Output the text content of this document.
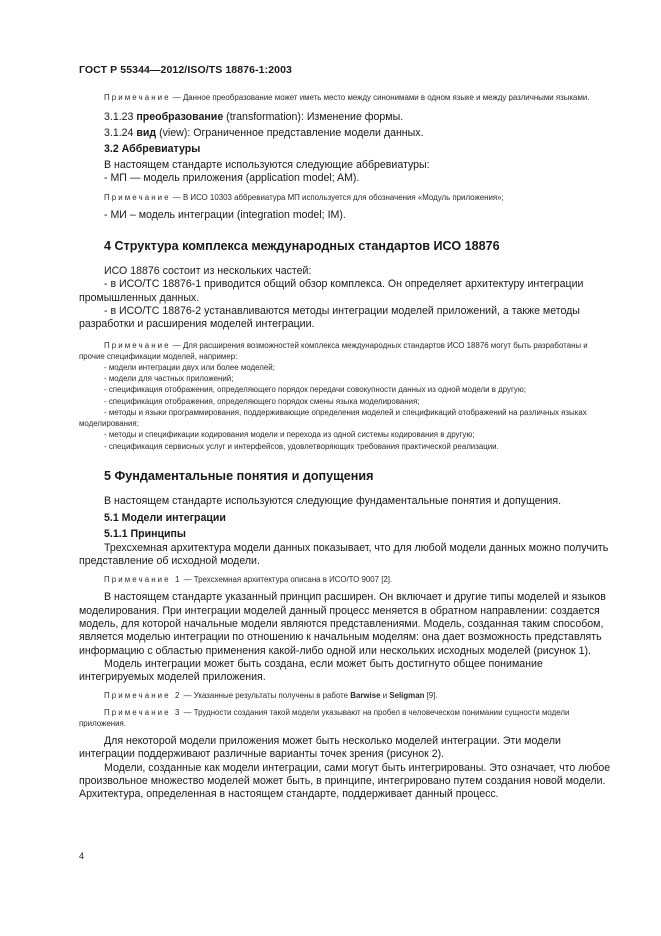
ГОСТ Р 55344—2012/ISO/TS 18876-1:2003

Примечание — Данное преобразование может иметь место между синонимами в одном языке и между различными языками.

3.1.23 преобразование (transformation): Изменение формы.

3.1.24 вид (view): Ограниченное представление модели данных.

3.2 Аббревиатуры

В настоящем стандарте используются следующие аббревиатуры:

- МП — модель приложения (application model; AM).

Примечание — В ИСО 10303 аббревиатура МП используется для обозначения «Модуль приложения»;

- МИ – модель интеграции (integration model; IM).

4 Структура комплекса международных стандартов ИСО 18876

ИСО 18876 состоит из нескольких частей:

- в ИСО/ТС 18876-1 приводится общий обзор комплекса. Он определяет архитектуру интеграции промышленных данных.

- в ИСО/ТС 18876-2 устанавливаются методы интеграции моделей приложений, а также методы разработки и расширения моделей интеграции.

Примечание — Для расширения возможностей комплекса международных стандартов ИСО 18876 могут быть разработаны и прочие спецификации моделей, например:

- модели интеграции двух или более моделей;

- модели для частных приложений;

- спецификация отображения, определяющего порядок передачи совокупности данных из одной модели в другую;

- спецификация отображения, определяющего порядок смены языка моделирования;

- методы и языки программирования, поддерживающие определения моделей и спецификаций отображений на различных языках моделирования;

- методы и спецификации кодирования модели и перехода из одной системы кодирования в другую;

- спецификация сервисных услуг и интерфейсов, удовлетворяющих требования практической реализации.

5 Фундаментальные понятия и допущения

В настоящем стандарте используются следующие фундаментальные понятия и допущения.

5.1 Модели интеграции

5.1.1 Принципы

Трехсхемная архитектура модели данных показывает, что для любой модели данных можно получить представление об исходной модели.

Примечание 1 — Трехсхемная архитектура описана в ИСО/ТО 9007 [2].

В настоящем стандарте указанный принцип расширен. Он включает и другие типы моделей и языков моделирования. При интеграции моделей данный процесс меняется в обратном направлении: создается модель, для которой начальные модели являются представлениями. Модель, созданная таким способом, является моделью интеграции по отношению к начальным моделям: она дает возможность представлять информацию с областью применения какой-либо одной или нескольких исходных моделей (рисунок 1).

Модель интеграции может быть создана, если может быть достигнуто общее понимание интегрируемых моделей приложения.

Примечание 2 — Указанные результаты получены в работе Barwise и Seligman [9].

Примечание 3 — Трудности создания такой модели указывают на пробел в человеческом понимании сущности модели приложения.

Для некоторой модели приложения может быть несколько моделей интеграции. Эти модели интеграции поддерживают различные варианты точек зрения (рисунок 2).

Модели, созданные как модели интеграции, сами могут быть интегрированы. Это означает, что любое произвольное множество моделей может быть, в принципе, интегрировано путем создания новой модели. Архитектура, определенная в настоящем стандарте, поддерживает данный процесс.

4
